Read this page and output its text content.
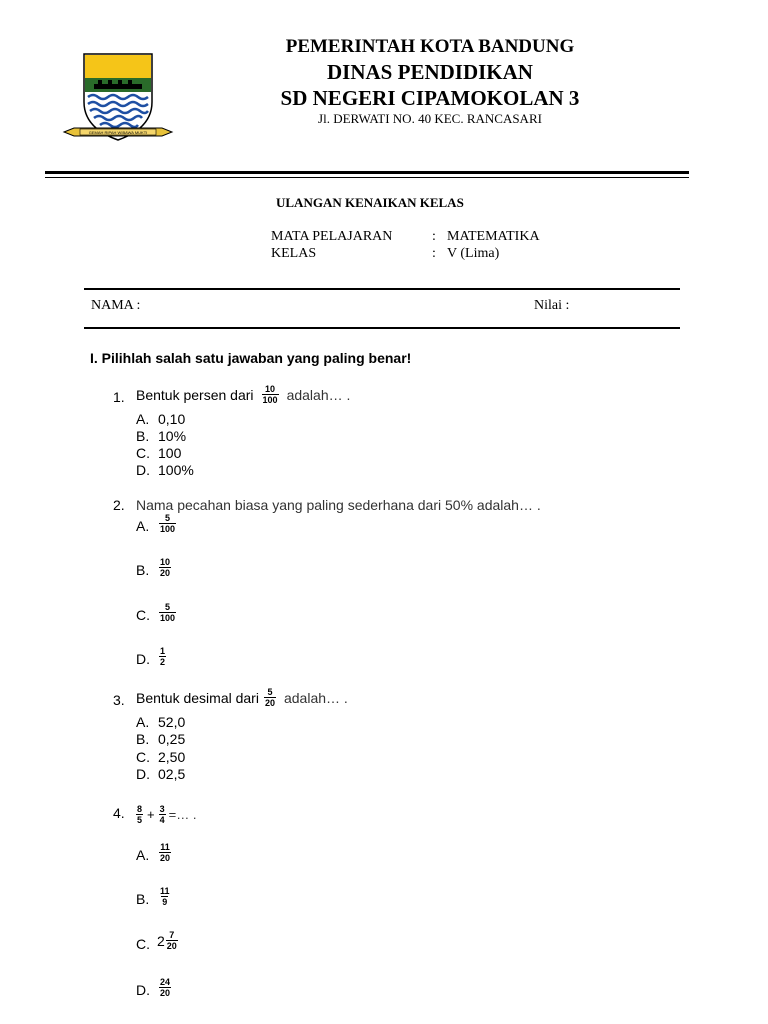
GEMAH RIPAH WIBAWA MUKTI
PEMERINTAH KOTA BANDUNG
DINAS PENDIDIKAN
SD NEGERI CIPAMOKOLAN 3
Jl. DERWATI NO. 40 KEC. RANCASARI
ULANGAN KENAIKAN KELAS
MATA PELAJARAN	: MATEMATIKA
KELAS	: V (Lima)
NAMA :	Nilai :
I. Pilihlah salah satu jawaban yang paling benar!
1. Bentuk persen dari $\frac{10}{100}$ adalah… .
A. 0,10
B. 10%
C. 100
D. 100%
2. Nama pecahan biasa yang paling sederhana dari 50% adalah… .
A. $\frac{5}{100}$
B. $\frac{10}{20}$
C. $\frac{5}{100}$
D. $\frac{1}{2}$
3. Bentuk desimal dari $\frac{5}{20}$ adalah… .
A. 52,0
B. 0,25
C. 2,50
D. 02,5
4. $\frac{8}{5} + \frac{3}{4}$ =… .
A. $\frac{11}{20}$
B. $\frac{11}{9}$
C. $2 \frac{7}{20}$
D. $\frac{24}{20}$
